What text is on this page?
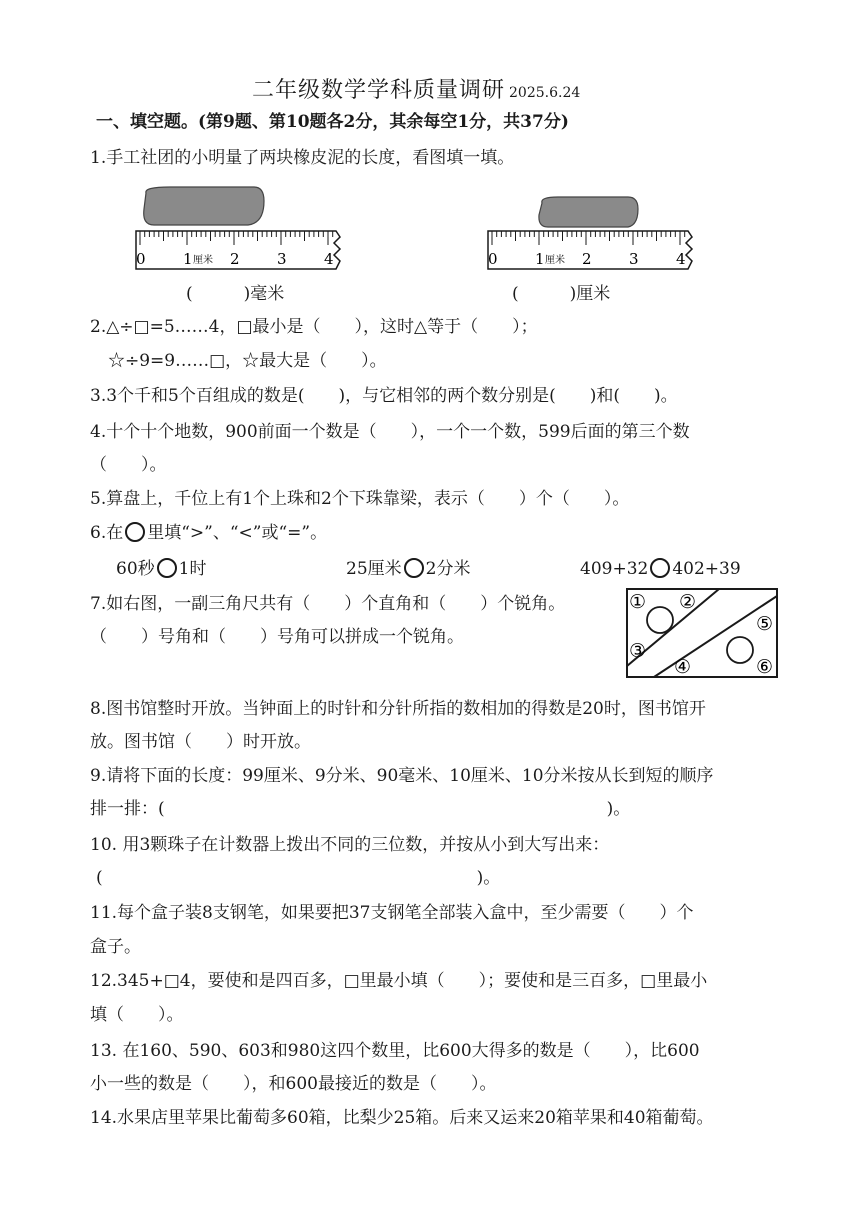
二年级数学学科质量调研 2025.6.24
一、填空题。(第9题、第10题各2分，其余每空1分，共37分)
1.手工社团的小明量了两块橡皮泥的长度，看图填一填。
0 1 厘米 2 3 4	0 1 厘米 2 3 4
(　　　)毫米	(　　　)厘米
2.△÷□=5……4，□最小是（　　），这时△等于（　　）；
☆÷9=9……□，☆最大是（　　）。
3.3个千和5个百组成的数是(　　)，与它相邻的两个数分别是(　　)和(　　)。
4.十个十个地数，900前面一个数是（　　），一个一个数，599后面的第三个数
（　　）。
5.算盘上，千位上有1个上珠和2个下珠靠梁，表示（　　）个（　　）。
6.在 里填“>”、“<”或“=”。
60秒 1时	25厘米 2分米	409+32 402+39
7.如右图，一副三角尺共有（　　）个直角和（　　）个锐角。
（　　）号角和（　　）号角可以拼成一个锐角。
① ②
③
④
⑤
⑥
8.图书馆整时开放。当钟面上的时针和分针所指的数相加的得数是20时，图书馆开
放。图书馆（　　）时开放。
9.请将下面的长度：99厘米、9分米、90毫米、10厘米、10分米按从长到短的顺序
排一排：(　　　　　　　　　　　　　　　　　　　　　　　　　　)。
10. 用3颗珠子在计数器上拨出不同的三位数，并按从小到大写出来：
(　　　　　　　　　　　　　　　　　　　　　　)。
11.每个盒子装8支钢笔，如果要把37支钢笔全部装入盒中，至少需要（　　）个
盒子。
12.345+□4，要使和是四百多，□里最小填（　　）；要使和是三百多，□里最小
填（　　）。
13. 在160、590、603和980这四个数里，比600大得多的数是（　　），比600
小一些的数是（　　），和600最接近的数是（　　）。
14.水果店里苹果比葡萄多60箱，比梨少25箱。后来又运来20箱苹果和40箱葡萄。
